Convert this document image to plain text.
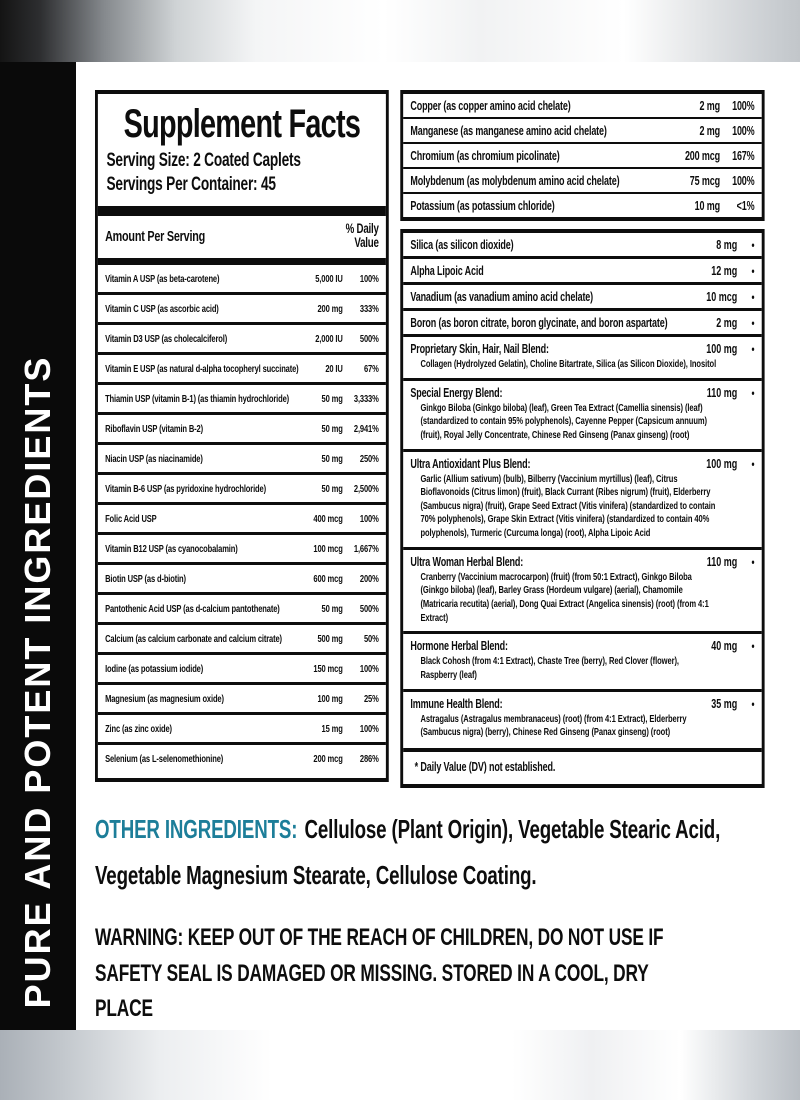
PURE AND POTENT INGREDIENTS
Supplement Facts
Serving Size: 2 Coated Caplets
Servings Per Container: 45
Amount Per Serving	% Daily Value
Vitamin A USP (as beta-carotene)	5,000 IU	100%
Vitamin C USP (as ascorbic acid)	200 mg	333%
Vitamin D3 USP (as cholecalciferol)	2,000 IU	500%
Vitamin E USP (as natural d-alpha tocopheryl succinate)	20 IU	67%
Thiamin USP (vitamin B-1) (as thiamin hydrochloride)	50 mg	3,333%
Riboflavin USP (vitamin B-2)	50 mg	2,941%
Niacin USP (as niacinamide)	50 mg	250%
Vitamin B-6 USP (as pyridoxine hydrochloride)	50 mg	2,500%
Folic Acid USP	400 mcg	100%
Vitamin B12 USP (as cyanocobalamin)	100 mcg	1,667%
Biotin USP (as d-biotin)	600 mcg	200%
Pantothenic Acid USP (as d-calcium pantothenate)	50 mg	500%
Calcium (as calcium carbonate and calcium citrate)	500 mg	50%
Iodine (as potassium iodide)	150 mcg	100%
Magnesium (as magnesium oxide)	100 mg	25%
Zinc (as zinc oxide)	15 mg	100%
Selenium (as L-selenomethionine)	200 mcg	286%
Copper (as copper amino acid chelate)	2 mg 100%
Manganese (as manganese amino acid chelate)	2 mg 100%
Chromium (as chromium picolinate)	200 mcg 167%
Molybdenum (as molybdenum amino acid chelate)	75 mcg 100%
Potassium (as potassium chloride)	10 mg	<1%
Silica (as silicon dioxide)	8 mg	•
Alpha Lipoic Acid	12 mg	•
Vanadium (as vanadium amino acid chelate)	10 mcg	•
Boron (as boron citrate, boron glycinate, and boron aspartate)	2 mg	•
Proprietary Skin, Hair, Nail Blend:	100 mg	•
Collagen (Hydrolyzed Gelatin), Choline Bitartrate, Silica (as Silicon Dioxide), Inositol
Special Energy Blend:	110 mg	•
Ginkgo Biloba (Ginkgo biloba) (leaf), Green Tea Extract (Camellia sinensis) (leaf) (standardized to contain 95% polyphenols), Cayenne Pepper (Capsicum annuum) (fruit), Royal Jelly Concentrate, Chinese Red Ginseng (Panax ginseng) (root)
Ultra Antioxidant Plus Blend:	100 mg	•
Garlic (Allium sativum) (bulb), Bilberry (Vaccinium myrtillus) (leaf), Citrus Bioflavonoids (Citrus limon) (fruit), Black Currant (Ribes nigrum) (fruit), Elderberry (Sambucus nigra) (fruit), Grape Seed Extract (Vitis vinifera) (standardized to contain 70% polyphenols), Grape Skin Extract (Vitis vinifera) (standardized to contain 40% polyphenols), Turmeric (Curcuma longa) (root), Alpha Lipoic Acid
Ultra Woman Herbal Blend:	110 mg	•
Cranberry (Vaccinium macrocarpon) (fruit) (from 50:1 Extract), Ginkgo Biloba (Ginkgo biloba) (leaf), Barley Grass (Hordeum vulgare) (aerial), Chamomile (Matricaria recutita) (aerial), Dong Quai Extract (Angelica sinensis) (root) (from 4:1 Extract)
Hormone Herbal Blend:	40 mg	•
Black Cohosh (from 4:1 Extract), Chaste Tree (berry), Red Clover (flower), Raspberry (leaf)
Immune Health Blend:	35 mg	•
Astragalus (Astragalus membranaceus) (root) (from 4:1 Extract), Elderberry (Sambucus nigra) (berry), Chinese Red Ginseng (Panax ginseng) (root)
* Daily Value (DV) not established.
OTHER INGREDIENTS: Cellulose (Plant Origin), Vegetable Stearic Acid, Vegetable Magnesium Stearate, Cellulose Coating.
WARNING: KEEP OUT OF THE REACH OF CHILDREN, DO NOT USE IF SAFETY SEAL IS DAMAGED OR MISSING. STORED IN A COOL, DRY PLACE
